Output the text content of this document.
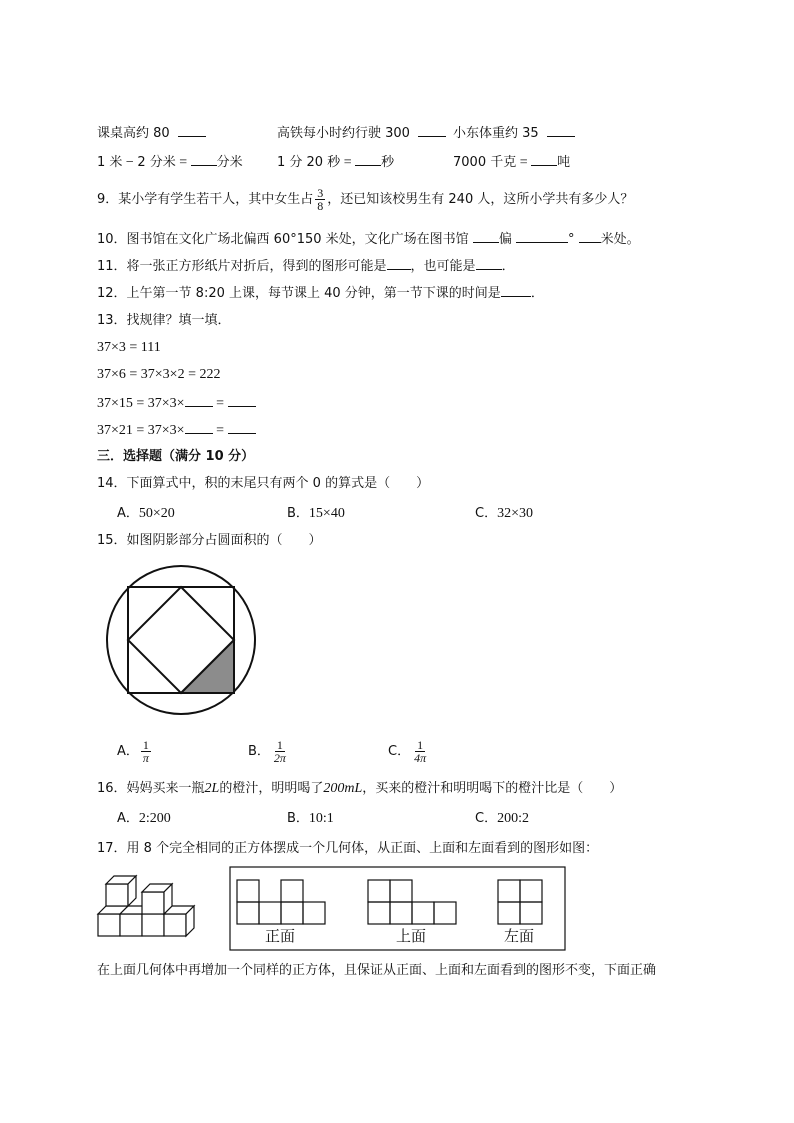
课桌高约 80	高铁每小时约行驶 300	小东体重约 35
1 米 − 2 分米 = 分米	1 分 20 秒 = 秒	7000 千克 = 吨
9．某小学有学生若干人，其中女生占 $\frac{3}{8}$ ，还已知该校男生有 240 人，这所小学共有多少人？
10．图书馆在文化广场北偏西 60°150 米处，文化广场在图书馆 偏	° 米处。
11．将一张正方形纸片对折后，得到的图形可能是 ，也可能是 ．
12．上午第一节 8:20 上课，每节课上 40 分钟，第一节下课的时间是 ．
13．找规律？填一填．
37×3 = 111
37×6 = 37×3×2 = 222
37×15 = 37×3× =
37×21 = 37×3× =
三．选择题（满分 10 分）
14．下面算式中，积的末尾只有两个 0 的算式是（　　）
A．50×20	B．15×40	C．32×30
15．如图阴影部分占圆面积的（　　）
A． $\frac{1}{\pi}$	B． $\frac{1}{2\pi}$	C． $\frac{1}{4\pi}$
16．妈妈买来一瓶2L的橙汁，明明喝了200mL，买来的橙汁和明明喝下的橙汁比是（　　）
A．2:200	B．10:1	C．200:2
17．用 8 个完全相同的正方体摆成一个几何体，从正面、上面和左面看到的图形如图：
正面	上面	左面
在上面几何体中再增加一个同样的正方体，且保证从正面、上面和左面看到的图形不变，下面正确
